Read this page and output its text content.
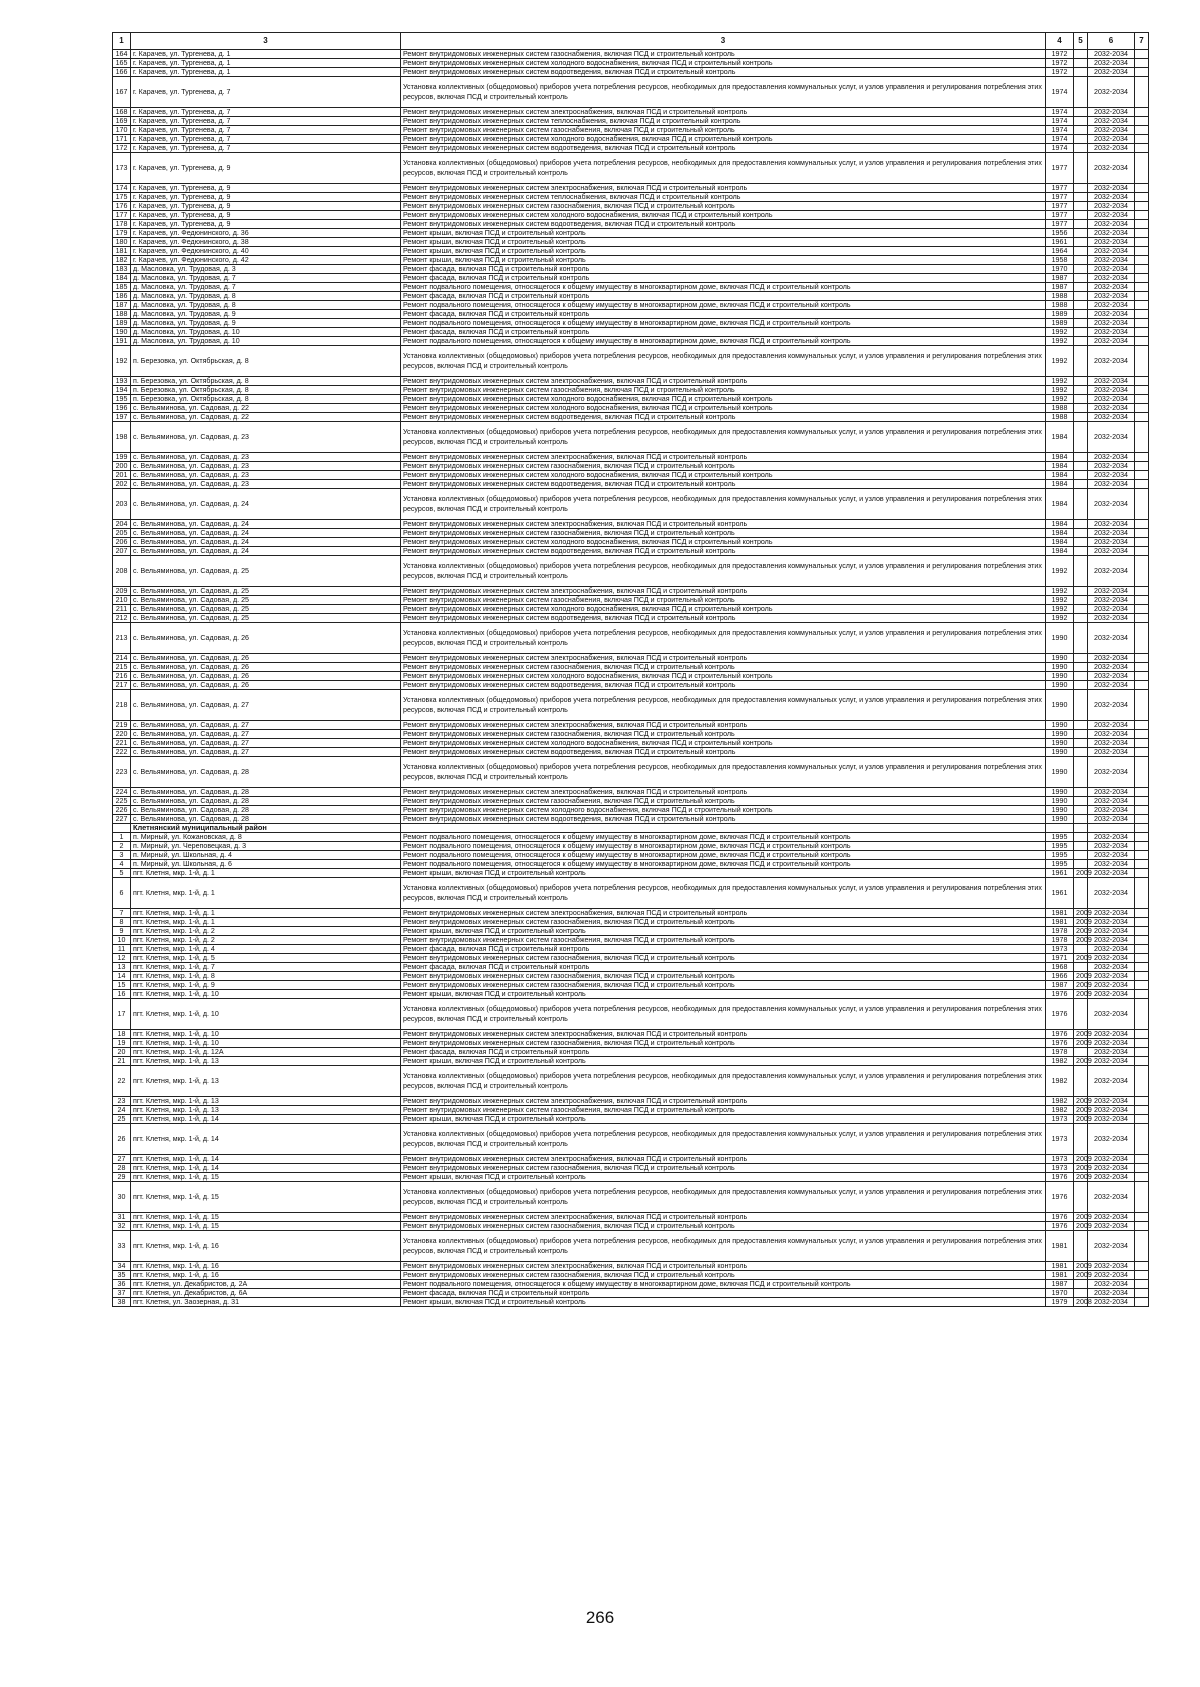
1	3	3	4	5	6	7
164	г. Карачев, ул. Тургенева, д. 1	Ремонт внутридомовых инженерных систем газоснабжения, включая ПСД и строительный контроль	1972		2032-2034	
165	г. Карачев, ул. Тургенева, д. 1	Ремонт внутридомовых инженерных систем холодного водоснабжения, включая ПСД и строительный контроль	1972		2032-2034	
166	г. Карачев, ул. Тургенева, д. 1	Ремонт внутридомовых инженерных систем водоотведения, включая ПСД и строительный контроль	1972		2032-2034	
167	г. Карачев, ул. Тургенева, д. 7	Установка коллективных (общедомовых) приборов учета потребления ресурсов, необходимых для предоставления коммунальных услуг, и узлов управления и регулирования потребления этих ресурсов, включая ПСД и строительный контроль	1974		2032-2034	
168	г. Карачев, ул. Тургенева, д. 7	Ремонт внутридомовых инженерных систем электроснабжения, включая ПСД и строительный контроль	1974		2032-2034	
169	г. Карачев, ул. Тургенева, д. 7	Ремонт внутридомовых инженерных систем теплоснабжения, включая ПСД и строительный контроль	1974		2032-2034	
170	г. Карачев, ул. Тургенева, д. 7	Ремонт внутридомовых инженерных систем газоснабжения, включая ПСД и строительный контроль	1974		2032-2034	
171	г. Карачев, ул. Тургенева, д. 7	Ремонт внутридомовых инженерных систем холодного водоснабжения, включая ПСД и строительный контроль	1974		2032-2034	
172	г. Карачев, ул. Тургенева, д. 7	Ремонт внутридомовых инженерных систем водоотведения, включая ПСД и строительный контроль	1974		2032-2034	
173	г. Карачев, ул. Тургенева, д. 9	Установка коллективных (общедомовых) приборов учета потребления ресурсов, необходимых для предоставления коммунальных услуг, и узлов управления и регулирования потребления этих ресурсов, включая ПСД и строительный контроль	1977		2032-2034	
174	г. Карачев, ул. Тургенева, д. 9	Ремонт внутридомовых инженерных систем электроснабжения, включая ПСД и строительный контроль	1977		2032-2034	
175	г. Карачев, ул. Тургенева, д. 9	Ремонт внутридомовых инженерных систем теплоснабжения, включая ПСД и строительный контроль	1977		2032-2034	
176	г. Карачев, ул. Тургенева, д. 9	Ремонт внутридомовых инженерных систем газоснабжения, включая ПСД и строительный контроль	1977		2032-2034	
177	г. Карачев, ул. Тургенева, д. 9	Ремонт внутридомовых инженерных систем холодного водоснабжения, включая ПСД и строительный контроль	1977		2032-2034	
178	г. Карачев, ул. Тургенева, д. 9	Ремонт внутридомовых инженерных систем водоотведения, включая ПСД и строительный контроль	1977		2032-2034	
179	г. Карачев, ул. Федюнинского, д. 36	Ремонт крыши, включая ПСД и строительный контроль	1956		2032-2034	
180	г. Карачев, ул. Федюнинского, д. 38	Ремонт крыши, включая ПСД и строительный контроль	1961		2032-2034	
181	г. Карачев, ул. Федюнинского, д. 40	Ремонт крыши, включая ПСД и строительный контроль	1964		2032-2034	
182	г. Карачев, ул. Федюнинского, д. 42	Ремонт крыши, включая ПСД и строительный контроль	1958		2032-2034	
183	д. Масловка, ул. Трудовая, д. 3	Ремонт фасада, включая ПСД и строительный контроль	1970		2032-2034	
184	д. Масловка, ул. Трудовая, д. 7	Ремонт фасада, включая ПСД и строительный контроль	1987		2032-2034	
185	д. Масловка, ул. Трудовая, д. 7	Ремонт подвального помещения, относящегося к общему имуществу в многоквартирном доме, включая ПСД и строительный контроль	1987		2032-2034	
186	д. Масловка, ул. Трудовая, д. 8	Ремонт фасада, включая ПСД и строительный контроль	1988		2032-2034	
187	д. Масловка, ул. Трудовая, д. 8	Ремонт подвального помещения, относящегося к общему имуществу в многоквартирном доме, включая ПСД и строительный контроль	1988		2032-2034	
188	д. Масловка, ул. Трудовая, д. 9	Ремонт фасада, включая ПСД и строительный контроль	1989		2032-2034	
189	д. Масловка, ул. Трудовая, д. 9	Ремонт подвального помещения, относящегося к общему имуществу в многоквартирном доме, включая ПСД и строительный контроль	1989		2032-2034	
190	д. Масловка, ул. Трудовая, д. 10	Ремонт фасада, включая ПСД и строительный контроль	1992		2032-2034	
191	д. Масловка, ул. Трудовая, д. 10	Ремонт подвального помещения, относящегося к общему имуществу в многоквартирном доме, включая ПСД и строительный контроль	1992		2032-2034	
192	п. Березовка, ул. Октябрьская, д. 8	Установка коллективных (общедомовых) приборов учета потребления ресурсов, необходимых для предоставления коммунальных услуг, и узлов управления и регулирования потребления этих ресурсов, включая ПСД и строительный контроль	1992		2032-2034	
193	п. Березовка, ул. Октябрьская, д. 8	Ремонт внутридомовых инженерных систем электроснабжения, включая ПСД и строительный контроль	1992		2032-2034	
194	п. Березовка, ул. Октябрьская, д. 8	Ремонт внутридомовых инженерных систем газоснабжения, включая ПСД и строительный контроль	1992		2032-2034	
195	п. Березовка, ул. Октябрьская, д. 8	Ремонт внутридомовых инженерных систем холодного водоснабжения, включая ПСД и строительный контроль	1992		2032-2034	
196	с. Вельяминова, ул. Садовая, д. 22	Ремонт внутридомовых инженерных систем холодного водоснабжения, включая ПСД и строительный контроль	1988		2032-2034	
197	с. Вельяминова, ул. Садовая, д. 22	Ремонт внутридомовых инженерных систем водоотведения, включая ПСД и строительный контроль	1988		2032-2034	
198	с. Вельяминова, ул. Садовая, д. 23	Установка коллективных (общедомовых) приборов учета потребления ресурсов, необходимых для предоставления коммунальных услуг, и узлов управления и регулирования потребления этих ресурсов, включая ПСД и строительный контроль	1984		2032-2034	
199	с. Вельяминова, ул. Садовая, д. 23	Ремонт внутридомовых инженерных систем электроснабжения, включая ПСД и строительный контроль	1984		2032-2034	
200	с. Вельяминова, ул. Садовая, д. 23	Ремонт внутридомовых инженерных систем газоснабжения, включая ПСД и строительный контроль	1984		2032-2034	
201	с. Вельяминова, ул. Садовая, д. 23	Ремонт внутридомовых инженерных систем холодного водоснабжения, включая ПСД и строительный контроль	1984		2032-2034	
202	с. Вельяминова, ул. Садовая, д. 23	Ремонт внутридомовых инженерных систем водоотведения, включая ПСД и строительный контроль	1984		2032-2034	
203	с. Вельяминова, ул. Садовая, д. 24	Установка коллективных (общедомовых) приборов учета потребления ресурсов, необходимых для предоставления коммунальных услуг, и узлов управления и регулирования потребления этих ресурсов, включая ПСД и строительный контроль	1984		2032-2034	
204	с. Вельяминова, ул. Садовая, д. 24	Ремонт внутридомовых инженерных систем электроснабжения, включая ПСД и строительный контроль	1984		2032-2034	
205	с. Вельяминова, ул. Садовая, д. 24	Ремонт внутридомовых инженерных систем газоснабжения, включая ПСД и строительный контроль	1984		2032-2034	
206	с. Вельяминова, ул. Садовая, д. 24	Ремонт внутридомовых инженерных систем холодного водоснабжения, включая ПСД и строительный контроль	1984		2032-2034	
207	с. Вельяминова, ул. Садовая, д. 24	Ремонт внутридомовых инженерных систем водоотведения, включая ПСД и строительный контроль	1984		2032-2034	
208	с. Вельяминова, ул. Садовая, д. 25	Установка коллективных (общедомовых) приборов учета потребления ресурсов, необходимых для предоставления коммунальных услуг, и узлов управления и регулирования потребления этих ресурсов, включая ПСД и строительный контроль	1992		2032-2034	
209	с. Вельяминова, ул. Садовая, д. 25	Ремонт внутридомовых инженерных систем электроснабжения, включая ПСД и строительный контроль	1992		2032-2034	
210	с. Вельяминова, ул. Садовая, д. 25	Ремонт внутридомовых инженерных систем газоснабжения, включая ПСД и строительный контроль	1992		2032-2034	
211	с. Вельяминова, ул. Садовая, д. 25	Ремонт внутридомовых инженерных систем холодного водоснабжения, включая ПСД и строительный контроль	1992		2032-2034	
212	с. Вельяминова, ул. Садовая, д. 25	Ремонт внутридомовых инженерных систем водоотведения, включая ПСД и строительный контроль	1992		2032-2034	
213	с. Вельяминова, ул. Садовая, д. 26	Установка коллективных (общедомовых) приборов учета потребления ресурсов, необходимых для предоставления коммунальных услуг, и узлов управления и регулирования потребления этих ресурсов, включая ПСД и строительный контроль	1990		2032-2034	
214	с. Вельяминова, ул. Садовая, д. 26	Ремонт внутридомовых инженерных систем электроснабжения, включая ПСД и строительный контроль	1990		2032-2034	
215	с. Вельяминова, ул. Садовая, д. 26	Ремонт внутридомовых инженерных систем газоснабжения, включая ПСД и строительный контроль	1990		2032-2034	
216	с. Вельяминова, ул. Садовая, д. 26	Ремонт внутридомовых инженерных систем холодного водоснабжения, включая ПСД и строительный контроль	1990		2032-2034	
217	с. Вельяминова, ул. Садовая, д. 26	Ремонт внутридомовых инженерных систем водоотведения, включая ПСД и строительный контроль	1990		2032-2034	
218	с. Вельяминова, ул. Садовая, д. 27	Установка коллективных (общедомовых) приборов учета потребления ресурсов, необходимых для предоставления коммунальных услуг, и узлов управления и регулирования потребления этих ресурсов, включая ПСД и строительный контроль	1990		2032-2034	
219	с. Вельяминова, ул. Садовая, д. 27	Ремонт внутридомовых инженерных систем электроснабжения, включая ПСД и строительный контроль	1990		2032-2034	
220	с. Вельяминова, ул. Садовая, д. 27	Ремонт внутридомовых инженерных систем газоснабжения, включая ПСД и строительный контроль	1990		2032-2034	
221	с. Вельяминова, ул. Садовая, д. 27	Ремонт внутридомовых инженерных систем холодного водоснабжения, включая ПСД и строительный контроль	1990		2032-2034	
222	с. Вельяминова, ул. Садовая, д. 27	Ремонт внутридомовых инженерных систем водоотведения, включая ПСД и строительный контроль	1990		2032-2034	
223	с. Вельяминова, ул. Садовая, д. 28	Установка коллективных (общедомовых) приборов учета потребления ресурсов, необходимых для предоставления коммунальных услуг, и узлов управления и регулирования потребления этих ресурсов, включая ПСД и строительный контроль	1990		2032-2034	
224	с. Вельяминова, ул. Садовая, д. 28	Ремонт внутридомовых инженерных систем электроснабжения, включая ПСД и строительный контроль	1990		2032-2034	
225	с. Вельяминова, ул. Садовая, д. 28	Ремонт внутридомовых инженерных систем газоснабжения, включая ПСД и строительный контроль	1990		2032-2034	
226	с. Вельяминова, ул. Садовая, д. 28	Ремонт внутридомовых инженерных систем холодного водоснабжения, включая ПСД и строительный контроль	1990		2032-2034	
227	с. Вельяминова, ул. Садовая, д. 28	Ремонт внутридомовых инженерных систем водоотведения, включая ПСД и строительный контроль	1990		2032-2034	
	Клетнянский муниципальный район					
1	п. Мирный, ул. Кожановская, д. 8	Ремонт подвального помещения, относящегося к общему имуществу в многоквартирном доме, включая ПСД и строительный контроль	1995		2032-2034	
2	п. Мирный, ул. Череповецкая, д. 3	Ремонт подвального помещения, относящегося к общему имуществу в многоквартирном доме, включая ПСД и строительный контроль	1995		2032-2034	
3	п. Мирный, ул. Школьная, д. 4	Ремонт подвального помещения, относящегося к общему имуществу в многоквартирном доме, включая ПСД и строительный контроль	1995		2032-2034	
4	п. Мирный, ул. Школьная, д. 6	Ремонт подвального помещения, относящегося к общему имуществу в многоквартирном доме, включая ПСД и строительный контроль	1995		2032-2034	
5	пгт. Клетня, мкр. 1-й, д. 1	Ремонт крыши, включая ПСД и строительный контроль	1961	2009	2032-2034	
6	пгт. Клетня, мкр. 1-й, д. 1	Установка коллективных (общедомовых) приборов учета потребления ресурсов, необходимых для предоставления коммунальных услуг, и узлов управления и регулирования потребления этих ресурсов, включая ПСД и строительный контроль	1961		2032-2034	
7	пгт. Клетня, мкр. 1-й, д. 1	Ремонт внутридомовых инженерных систем электроснабжения, включая ПСД и строительный контроль	1981	2009	2032-2034	
8	пгт. Клетня, мкр. 1-й, д. 1	Ремонт внутридомовых инженерных систем газоснабжения, включая ПСД и строительный контроль	1981	2009	2032-2034	
9	пгт. Клетня, мкр. 1-й, д. 2	Ремонт крыши, включая ПСД и строительный контроль	1978	2009	2032-2034	
10	пгт. Клетня, мкр. 1-й, д. 2	Ремонт внутридомовых инженерных систем газоснабжения, включая ПСД и строительный контроль	1978	2009	2032-2034	
11	пгт. Клетня, мкр. 1-й, д. 4	Ремонт фасада, включая ПСД и строительный контроль	1973		2032-2034	
12	пгт. Клетня, мкр. 1-й, д. 5	Ремонт внутридомовых инженерных систем газоснабжения, включая ПСД и строительный контроль	1971	2009	2032-2034	
13	пгт. Клетня, мкр. 1-й, д. 7	Ремонт фасада, включая ПСД и строительный контроль	1968		2032-2034	
14	пгт. Клетня, мкр. 1-й, д. 8	Ремонт внутридомовых инженерных систем газоснабжения, включая ПСД и строительный контроль	1966	2009	2032-2034	
15	пгт. Клетня, мкр. 1-й, д. 9	Ремонт внутридомовых инженерных систем газоснабжения, включая ПСД и строительный контроль	1987	2009	2032-2034	
16	пгт. Клетня, мкр. 1-й, д. 10	Ремонт крыши, включая ПСД и строительный контроль	1976	2009	2032-2034	
17	пгт. Клетня, мкр. 1-й, д. 10	Установка коллективных (общедомовых) приборов учета потребления ресурсов, необходимых для предоставления коммунальных услуг, и узлов управления и регулирования потребления этих ресурсов, включая ПСД и строительный контроль	1976		2032-2034	
18	пгт. Клетня, мкр. 1-й, д. 10	Ремонт внутридомовых инженерных систем электроснабжения, включая ПСД и строительный контроль	1976	2009	2032-2034	
19	пгт. Клетня, мкр. 1-й, д. 10	Ремонт внутридомовых инженерных систем газоснабжения, включая ПСД и строительный контроль	1976	2009	2032-2034	
20	пгт. Клетня, мкр. 1-й, д. 12А	Ремонт фасада, включая ПСД и строительный контроль	1978		2032-2034	
21	пгт. Клетня, мкр. 1-й, д. 13	Ремонт крыши, включая ПСД и строительный контроль	1982	2009	2032-2034	
22	пгт. Клетня, мкр. 1-й, д. 13	Установка коллективных (общедомовых) приборов учета потребления ресурсов, необходимых для предоставления коммунальных услуг, и узлов управления и регулирования потребления этих ресурсов, включая ПСД и строительный контроль	1982		2032-2034	
23	пгт. Клетня, мкр. 1-й, д. 13	Ремонт внутридомовых инженерных систем электроснабжения, включая ПСД и строительный контроль	1982	2009	2032-2034	
24	пгт. Клетня, мкр. 1-й, д. 13	Ремонт внутридомовых инженерных систем газоснабжения, включая ПСД и строительный контроль	1982	2009	2032-2034	
25	пгт. Клетня, мкр. 1-й, д. 14	Ремонт крыши, включая ПСД и строительный контроль	1973	2009	2032-2034	
26	пгт. Клетня, мкр. 1-й, д. 14	Установка коллективных (общедомовых) приборов учета потребления ресурсов, необходимых для предоставления коммунальных услуг, и узлов управления и регулирования потребления этих ресурсов, включая ПСД и строительный контроль	1973		2032-2034	
27	пгт. Клетня, мкр. 1-й, д. 14	Ремонт внутридомовых инженерных систем электроснабжения, включая ПСД и строительный контроль	1973	2009	2032-2034	
28	пгт. Клетня, мкр. 1-й, д. 14	Ремонт внутридомовых инженерных систем газоснабжения, включая ПСД и строительный контроль	1973	2009	2032-2034	
29	пгт. Клетня, мкр. 1-й, д. 15	Ремонт крыши, включая ПСД и строительный контроль	1976	2009	2032-2034	
30	пгт. Клетня, мкр. 1-й, д. 15	Установка коллективных (общедомовых) приборов учета потребления ресурсов, необходимых для предоставления коммунальных услуг, и узлов управления и регулирования потребления этих ресурсов, включая ПСД и строительный контроль	1976		2032-2034	
31	пгт. Клетня, мкр. 1-й, д. 15	Ремонт внутридомовых инженерных систем электроснабжения, включая ПСД и строительный контроль	1976	2009	2032-2034	
32	пгт. Клетня, мкр. 1-й, д. 15	Ремонт внутридомовых инженерных систем газоснабжения, включая ПСД и строительный контроль	1976	2009	2032-2034	
33	пгт. Клетня, мкр. 1-й, д. 16	Установка коллективных (общедомовых) приборов учета потребления ресурсов, необходимых для предоставления коммунальных услуг, и узлов управления и регулирования потребления этих ресурсов, включая ПСД и строительный контроль	1981		2032-2034	
34	пгт. Клетня, мкр. 1-й, д. 16	Ремонт внутридомовых инженерных систем электроснабжения, включая ПСД и строительный контроль	1981	2009	2032-2034	
35	пгт. Клетня, мкр. 1-й, д. 16	Ремонт внутридомовых инженерных систем газоснабжения, включая ПСД и строительный контроль	1981	2009	2032-2034	
36	пгт. Клетня, ул. Декабристов, д. 2А	Ремонт подвального помещения, относящегося к общему имуществу в многоквартирном доме, включая ПСД и строительный контроль	1987		2032-2034	
37	пгт. Клетня, ул. Декабристов, д. 6А	Ремонт фасада, включая ПСД и строительный контроль	1970		2032-2034	
38	пгт. Клетня, ул. Заозерная, д. 31	Ремонт крыши, включая ПСД и строительный контроль	1979	2008	2032-2034	
266
